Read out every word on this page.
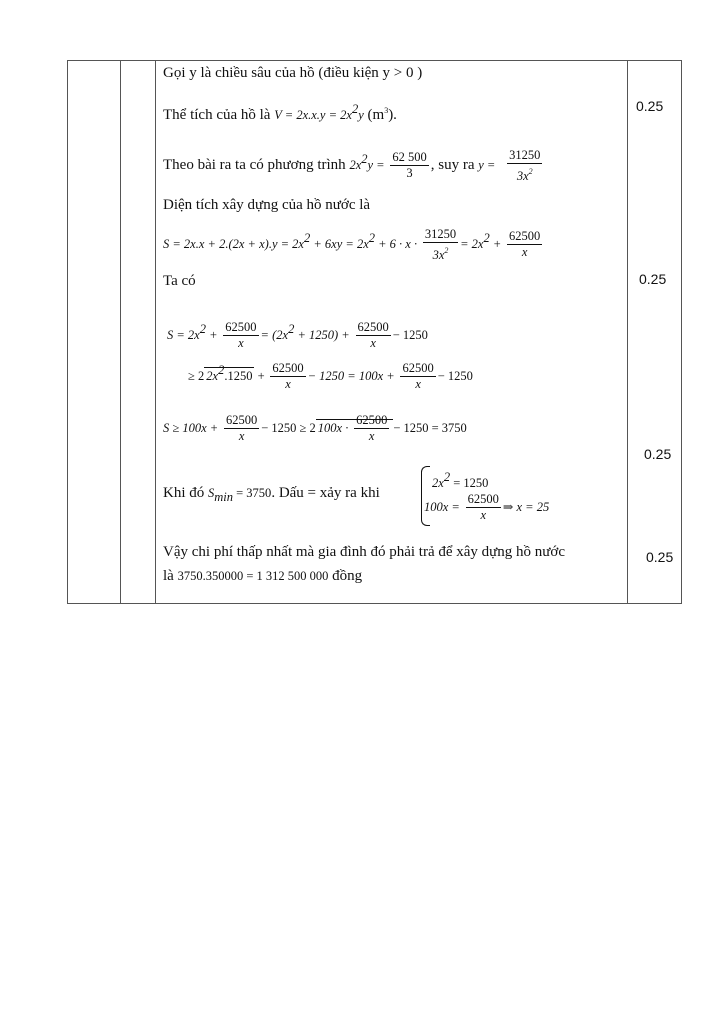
Gọi y là chiều sâu của hồ (điều kiện y > 0 )
Thể tích của hồ là $V = 2x.x.y = 2x^2y$ $(m^3)$.
0.25
Theo bài ra ta có phương trình $2x^2y = \frac{62 500}{3}$ , suy ra $y = \frac{31250}{3x^2}$
Diện tích xây dựng của hồ nước là
$S = 2x.x + 2.(2x + x).y = 2x^2 + 6xy = 2x^2 + 6 \cdot x \cdot \frac{31250}{3x^2} = 2x^2 + \frac{62500}{x}$
Ta có	0.25
$S = 2x^2 + \frac{62500}{x} = (2x^2 + 1250) + \frac{62500}{x} - 1250$
≥ 2 $2x^2.1250 + \frac{62500}{x} - 1250 = 100x + \frac{62500}{x} - 1250$
$S \ge 100x + \frac{62500}{x} - 1250 \ge 2$ $100x \cdot \frac{62500}{x} - 1250 = 3750$
0.25
Khi đó $S_{min} = 3750$. Dấu = xảy ra khi
$2x^2 = 1250$
$100x = \frac{62500}{x}$ ⇒ x = 25
Vậy chi phí thấp nhất mà gia đình đó phải trả để xây dựng hồ nước	0.25
là 3750.350000 = 1 312 500 000 đồng
